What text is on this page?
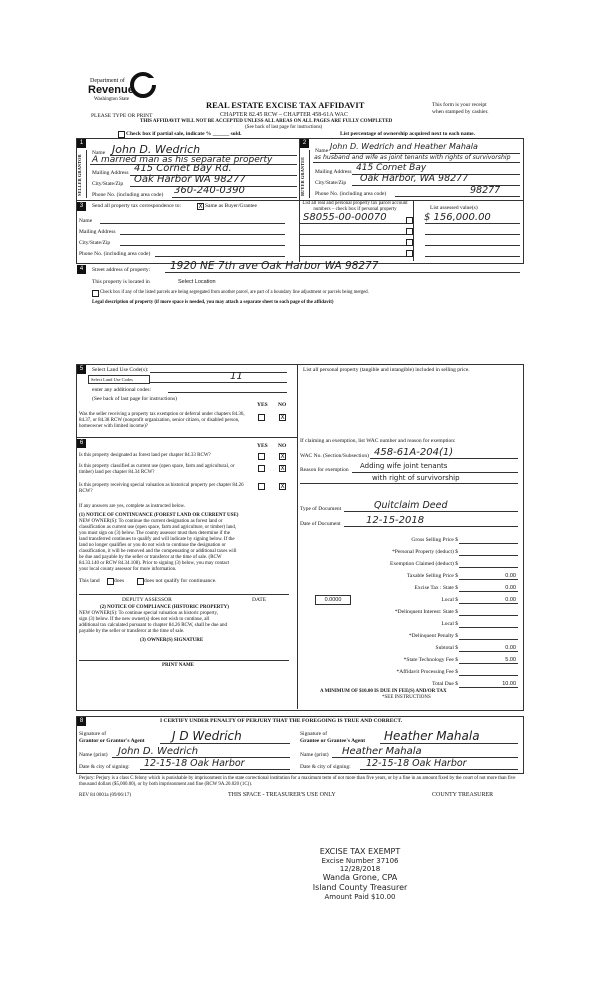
Department of
Revenue
Washington State
REAL ESTATE EXCISE TAX AFFIDAVIT
PLEASE TYPE OR PRINT	CHAPTER 82.45 RCW – CHAPTER 458-61A WAC
THIS AFFIDAVIT WILL NOT BE ACCEPTED UNLESS ALL AREAS ON ALL PAGES ARE FULLY COMPLETED
(See back of last page for instructions)
This form is your receipt
when stamped by cashier.
Check box if partial sale, indicate % ______ sold.	List percentage of ownership acquired next to each name.
1
SELLER GRANTOR
Name John D. Wedrich
A married man as his separate property
Mailing Address 415 Cornet Bay Rd.
City/State/Zip Oak Harbor WA 98277
Phone No. (including area code) 360-240-0390
2
BUYER GRANTEE
Name John D. Wedrich and Heather Mahala
as husband and wife as joint tenants with rights of survivorship
Mailing Address 415 Cornet Bay
City/State/Zip Oak Harbor, WA 98277
Phone No. (including area code)	98277
3	Send all property tax correspondence to:	X Same as Buyer/Grantee
Name
Mailing Address
City/State/Zip
Phone No. (including area code)
List all real and personal property tax parcel account numbers – check box if personal property	List assessed value(s)
S8055-00-00070	$ 156,000.00
4	Street address of property: 1920 NE 7th ave Oak Harbor WA 98277
This property is located in	Select Location
Check box if any of the listed parcels are being segregated from another parcel, are part of a boundary line adjustment or parcels being merged.
Legal description of property (if more space is needed, you may attach a separate sheet to each page of the affidavit)
5	Select Land Use Code(s):
Select Land Use Codes	11
enter any additional codes:
(See back of last page for instructions)
YES NO
Was the seller receiving a property tax exemption or deferral under chapters 84.36, 84.37, or 84.38 RCW (nonprofit organization, senior citizen, or disabled person, homeowner with limited income)?
X
6	YES NO
Is this property designated as forest land per chapter 84.33 RCW?	X
Is this property classified as current use (open space, farm and agricultural, or timber) land per chapter 84.34 RCW?
X
Is this property receiving special valuation as historical property per chapter 84.26 RCW?
X
If any answers are yes, complete as instructed below.
(1) NOTICE OF CONTINUANCE (FOREST LAND OR CURRENT USE)
NEW OWNER(S): To continue the current designation as forest land or
classification as current use (open space, farm and agriculture, or timber) land,
you must sign on (3) below. The county assessor must then determine if the
land transferred continues to qualify and will indicate by signing below. If the
land no longer qualifies or you do not wish to continue the designation or
classification, it will be removed and the compensating or additional taxes will
be due and payable by the seller or transferor at the time of sale. (RCW
84.33.140 or RCW 84.34.108). Prior to signing (3) below, you may contact
your local county assessor for more information.
This land	does	does not qualify for continuance.
DEPUTY ASSESSOR	DATE
(2) NOTICE OF COMPLIANCE (HISTORIC PROPERTY)
NEW OWNER(S): To continue special valuation as historic property,
sign (3) below. If the new owner(s) does not wish to continue, all
additional tax calculated pursuant to chapter 84.26 RCW, shall be due and
payable by the seller or transferor at the time of sale.
(3) OWNER(S) SIGNATURE
PRINT NAME
List all personal property (tangible and intangible) included in selling price.
If claiming an exemption, list WAC number and reason for exemption:
WAC No. (Section/Subsection) 458-61A-204(1)
Reason for exemption Adding wife joint tenants
with right of survivorship
Type of Document	Quitclaim Deed
Date of Document	12-15-2018
Gross Selling Price $
*Personal Property (deduct) $
Exemption Claimed (deduct) $
Taxable Selling Price $	0.00
Excise Tax : State $	0.00
0.0000	Local $	0.00
*Delinquent Interest: State $
Local $
*Delinquent Penalty $
Subtotal $	0.00
*State Technology Fee $	5.00
*Affidavit Processing Fee $
Total Due $	10.00
A MINIMUM OF $10.00 IS DUE IN FEE(S) AND/OR TAX
*SEE INSTRUCTIONS
8	I CERTIFY UNDER PENALTY OF PERJURY THAT THE FOREGOING IS TRUE AND CORRECT.
Signature of
Grantor or Grantor's Agent J D Wedrich
Name (print) John D. Wedrich
Date & city of signing: 12-15-18 Oak Harbor
Signature of
Grantee or Grantee's Agent Heather Mahala
Name (print) Heather Mahala
Date & city of signing: 12-15-18 Oak Harbor
Perjury: Perjury is a class C felony which is punishable by imprisonment in the state correctional institution for a maximum term of not more than five years, or by a fine in an amount fixed by the court of not more than five thousand dollars ($5,000.00), or by both imprisonment and fine (RCW 9A.20.020 (1C)).
REV 84 0001a (09/06/17)	THIS SPACE - TREASURER'S USE ONLY	COUNTY TREASURER
EXCISE TAX EXEMPT
Excise Number 37106
12/28/2018
Wanda Grone, CPA
Island County Treasurer
Amount Paid $10.00
